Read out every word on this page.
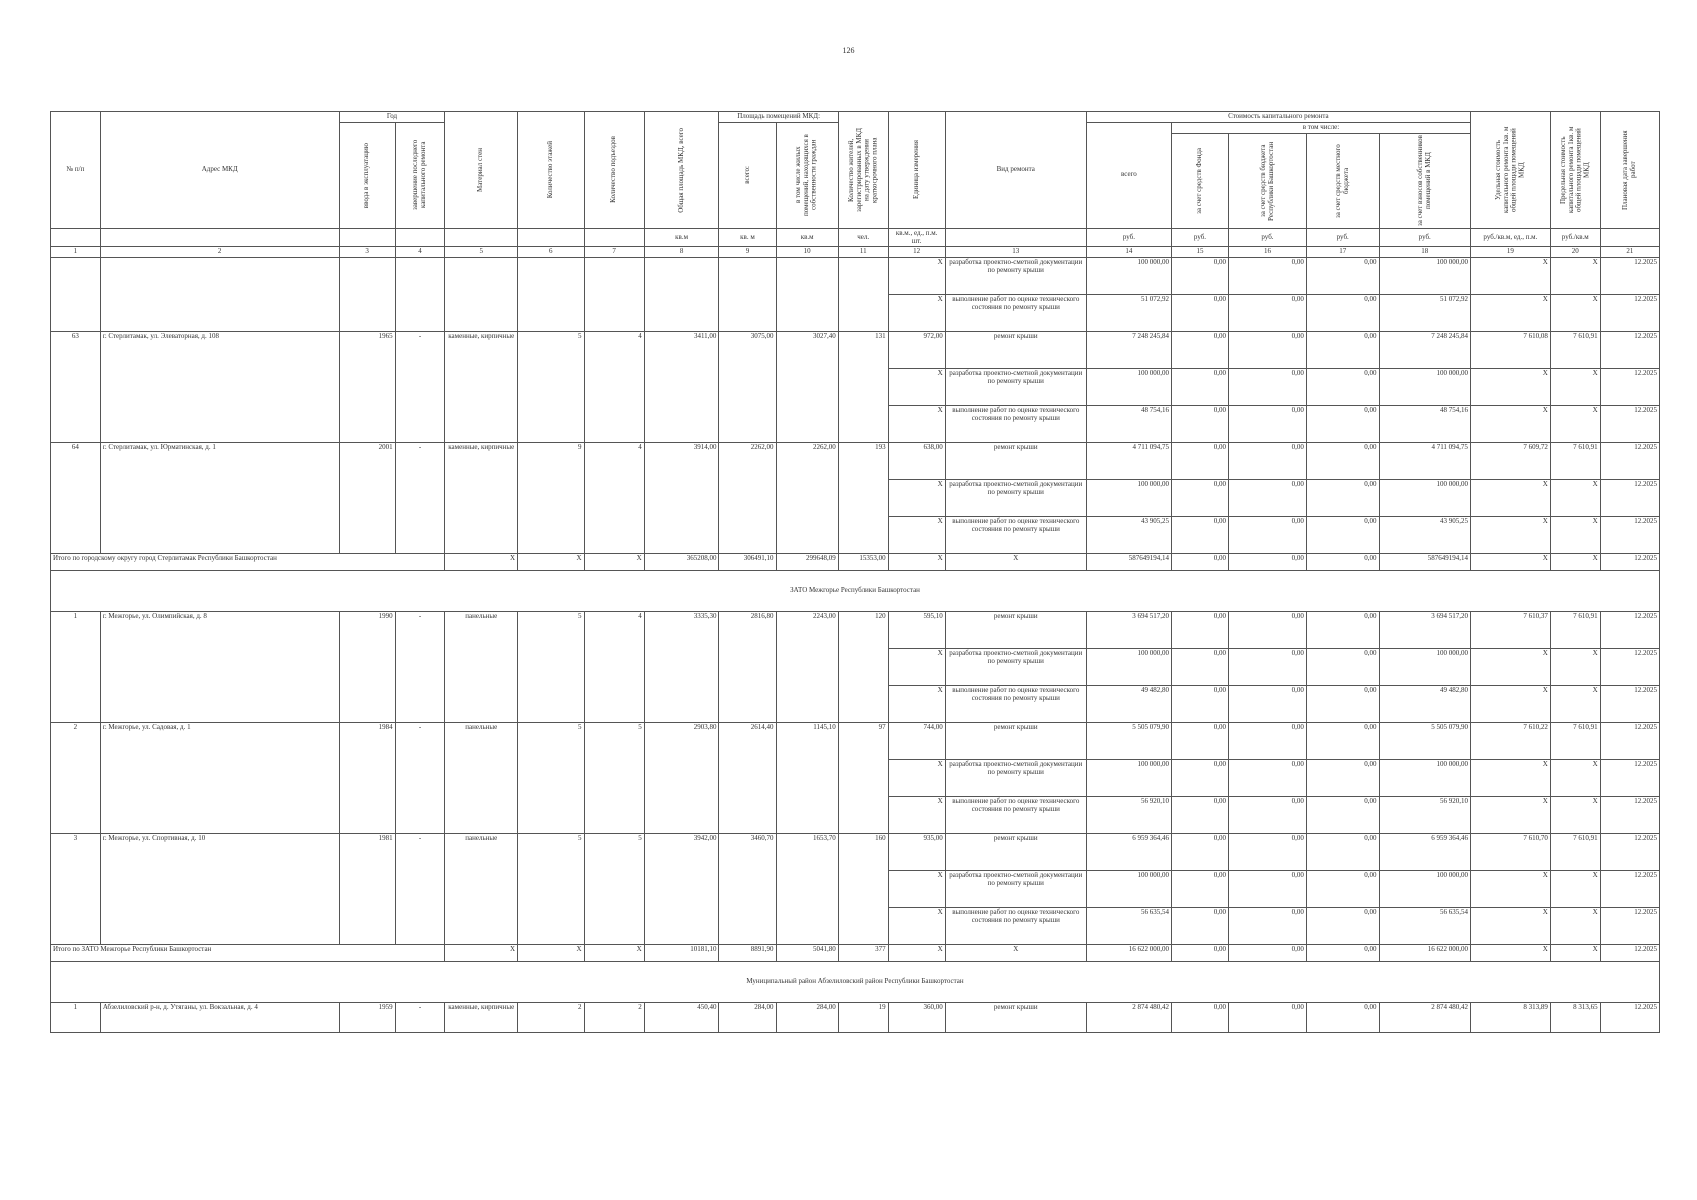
126
№ п/п	Адрес МКД	Год		Материал стен	Количество этажей	Количество подъездов	Общая площадь МКД, всего	Площадь помещений МКД:		Количество жителей, зарегистрированных в МКД на дату утверждения краткосрочного плана	Единица измерения	Вид ремонта	Стоимость капитального ремонта					Удельная стоимость капитального ремонта 1кв. м общей площади помещений МКД	Предельная стоимость капитального ремонта 1кв. м общей площади помещений МКД	Плановая дата завершения работ

		ввода в эксплуатацию	завершение последнего капитального ремонта					всего:	в том числе жилых помещений, находящихся в собственности граждан				всего	в том числе:						

														за счет средств Фонда	за счет средств бюджета Республики Башкортостан	за счет средств местного бюджета	за счет взносов собственников помещений в МКД			

							кв.м	кв. м	кв.м	чел.	кв.м., ед., п.м. шт.		руб.	руб.	руб.	руб.	руб.	руб./кв.м, ед., п.м.	руб./кв.м	
1	2	3	4	5	6	7	8	9	10	11	12	13	14	15	16	17	18	19	20	21
											X	разработка проектно-сметной документации по ремонту крыши	100 000,00	0,00	0,00	0,00	100 000,00	X	X	12.2025
											X	выполнение работ по оценке технического состояния по ремонту крыши	51 072,92	0,00	0,00	0,00	51 072,92	X	X	12.2025
63	г. Стерлитамак, ул. Элеваторная, д. 108	1965	-	каменные, кирпичные	5	4	3411,00	3075,00	3027,40	131	972,00	ремонт крыши	7 248 245,84	0,00	0,00	0,00	7 248 245,84	7 610,08	7 610,91	12.2025
											X	разработка проектно-сметной документации по ремонту крыши	100 000,00	0,00	0,00	0,00	100 000,00	X	X	12.2025
											X	выполнение работ по оценке технического состояния по ремонту крыши	48 754,16	0,00	0,00	0,00	48 754,16	X	X	12.2025
64	г. Стерлитамак, ул. Юрматинская, д. 1	2001	-	каменные, кирпичные	9	4	3914,00	2262,00	2262,00	193	638,00	ремонт крыши	4 711 094,75	0,00	0,00	0,00	4 711 094,75	7 609,72	7 610,91	12.2025
											X	разработка проектно-сметной документации по ремонту крыши	100 000,00	0,00	0,00	0,00	100 000,00	X	X	12.2025
											X	выполнение работ по оценке технического состояния по ремонту крыши	43 905,25	0,00	0,00	0,00	43 905,25	X	X	12.2025
Итого по городскому округу город Стерлитамак Республики Башкортостан				X	X	X	365208,00	306491,10	299648,09	15353,00	X	X	587649194,14	0,00	0,00	0,00	587649194,14	X	X	12.2025
ЗАТО Межгорье Республики Башкортостан																				
1	г. Межгорье, ул. Олимпийская, д. 8	1990	-	панельные	5	4	3335,30	2816,80	2243,00	120	595,10	ремонт крыши	3 694 517,20	0,00	0,00	0,00	3 694 517,20	7 610,37	7 610,91	12.2025
											X	разработка проектно-сметной документации по ремонту крыши	100 000,00	0,00	0,00	0,00	100 000,00	X	X	12.2025
											X	выполнение работ по оценке технического состояния по ремонту крыши	49 482,80	0,00	0,00	0,00	49 482,80	X	X	12.2025
2	г. Межгорье, ул. Садовая, д. 1	1984	-	панельные	5	5	2903,80	2614,40	1145,10	97	744,00	ремонт крыши	5 505 079,90	0,00	0,00	0,00	5 505 079,90	7 610,22	7 610,91	12.2025
											X	разработка проектно-сметной документации по ремонту крыши	100 000,00	0,00	0,00	0,00	100 000,00	X	X	12.2025
											X	выполнение работ по оценке технического состояния по ремонту крыши	56 920,10	0,00	0,00	0,00	56 920,10	X	X	12.2025
3	г. Межгорье, ул. Спортивная, д. 10	1981	-	панельные	5	5	3942,00	3460,70	1653,70	160	935,00	ремонт крыши	6 959 364,46	0,00	0,00	0,00	6 959 364,46	7 610,70	7 610,91	12.2025
											X	разработка проектно-сметной документации по ремонту крыши	100 000,00	0,00	0,00	0,00	100 000,00	X	X	12.2025
											X	выполнение работ по оценке технического состояния по ремонту крыши	56 635,54	0,00	0,00	0,00	56 635,54	X	X	12.2025
Итого по ЗАТО Межгорье Республики Башкортостан				X	X	X	10181,10	8891,90	5041,80	377	X	X	16 622 000,00	0,00	0,00	0,00	16 622 000,00	X	X	12.2025
Муниципальный район Абзелиловский район Республики Башкортостан																				
1	Абзелиловский р-н, д. Утяганы, ул. Вокзальная, д. 4	1959	-	каменные, кирпичные	2	2	450,40	284,00	284,00	19	360,00	ремонт крыши	2 874 480,42	0,00	0,00	0,00	2 874 480,42	8 313,89	8 313,65	12.2025
